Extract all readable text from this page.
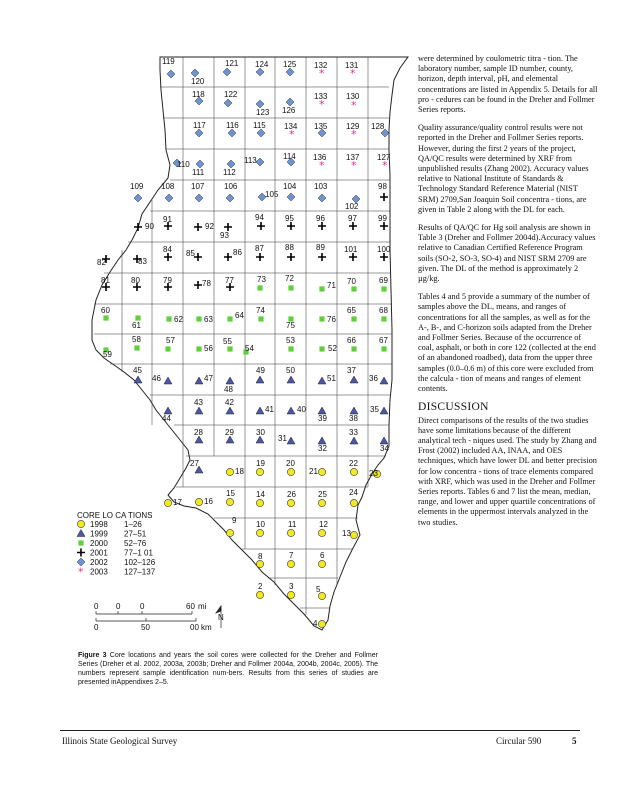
119
120
121 124 125
*
132
*
131
118 122
123 126 *
133
*
130
117	116 115
*
134 135
*
129 128
110
111 112
113	114
*
136
*
137
*
127
109 108 107 106
105
104 103	98
102
91
90	92
93
94	95	96	97	99
82	83
84 85	86 87	88	89 101 100
81	80	79	78 77	73 72
71 70	69
60
61
62	63	64
74
75
76
65	68
59
58	57
56
55
54
53
52
66	67
45
46	47
48
49	50
51
37
36
44
43	42
41	40
39	38
35
28	29	30
31
32
33
34
27
18
19	20
21
22
23
17	16
15	14	26	25	24
9 10	11	12
13
8	7	6
2	3	5
4
CORE LO CA TIONS
1998 1–26
1999 27–51
2000 52–76
2001 77–1 01
2002 102–126
* 2003 127–137
0 0 0	60 mi
0	50	00 km
N
Figure 3 Core locations and years the soil cores were collected for the Dreher and Follmer Series (Dreher et al. 2002, 2003a, 2003b; Dreher and Follmer 2004a, 2004b, 2004c, 2005). The numbers represent sample identification num-bers. Results from this series of studies are presented inAppendixes 2–5.

were determined by coulometric titra - tion. The laboratory number, sample ID number, county, horizon, depth interval, pH, and elemental concentrations are listed in Appendix 5. Details for all pro - cedures can be found in the Dreher and Follmer Series reports.

Quality assurance/quality control results were not reported in the Dreher and Follmer Series reports. However, during the first 2 years of the project, QA/QC results were determined by XRF from unpublished results (Zhang 2002). Accuracy values relative to National Institute of Standards & Technology Standard Reference Material (NIST SRM) 2709,San Joaquin Soil concentra - tions, are given in Table 2 along with the DL for each.

Results of QA/QC for Hg soil analysis are shown in Table 3 (Dreher and Follmer 2004d).Accuracy values relative to Canadian Certified Reference Program soils (SO-2, SO-3, SO-4) and NIST SRM 2709 are given. The DL of the method is approximately 2 µg/kg.

Tables 4 and 5 provide a summary of the number of samples above the DL, means, and ranges of concentrations for all the samples, as well as for the A-, B-, and C-horizon soils adapted from the Dreher and Follmer Series. Because of the occurrence of coal, asphalt, or both in core 122 (collected at the end of an abandoned roadbed), data from the upper three samples (0.0–0.6 m) of this core were excluded from the calcula - tion of means and ranges of element contents.

DISCUSSION

Direct comparisons of the results of the two studies have some limitations because of the different analytical tech - niques used. The study by Zhang and Frost (2002) included AA, INAA, and OES techniques, which have lower DL and better precision for low concentra - tions of trace elements compared with XRF, which was used in the Dreher and Follmer Series reports. Tables 6 and 7 list the mean, median, range, and lower and upper quartile concentrations of elements in the uppermost intervals analyzed in the two studies.

Illinois State Geological Survey	Circular 590	5
